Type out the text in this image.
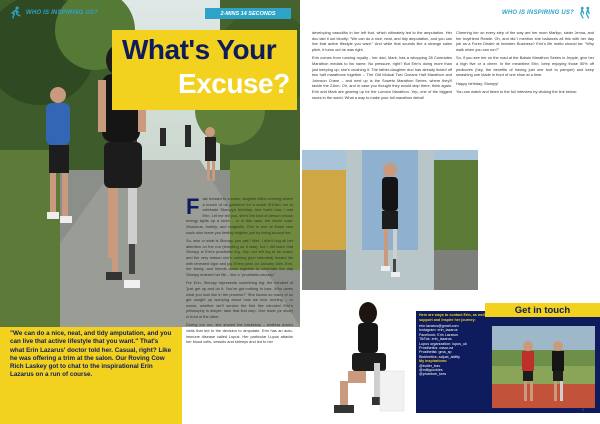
WHO IS INSPIRING US?	2-MINS 14 SECONDS
What's Your
Excuse?

Fast forward to a warm, laughter-filled morning where a bunch of us gathered for a social 5/10km run to celebrate Stompy's birthday. And that's how I met Erin. Let me tell you, she's the kind of person whose energy lights up a room – or in this case, the whole road. Vivacious, bubbly, and magnetic, Erin is one of those rare souls who leave you feeling brighter just by being around her.

So, who or what is Stompy, you ask? Well, I didn't hog all her attention on the run (tempting as it was), but I did learn that Stompy is Erin's prosthetic leg. Yep, her left leg to be exact, and the very reason she's running (pun intended) toward life with renewed vigor and joy. Every year, on January 16th, Erin, her family, and friends come together to celebrate the day Stompy entered her life – like a "prosthetic-versary."

For Erin, Stompy represents something big: the mindset of "just get up and do it. You've got nothing to lose. Who cares what you look like in the process?" She knows so many of us get caught up worrying about how we look running – or worse, whether we'll survive the first five minutes! Erin's philosophy is simple: take that first step. One trade (or shoe) in front of the other.

During our run, she shared the backstory – endless doctor visits that led to the decision to amputate. Erin has an auto-immune disease called Lupus. Her particular Lupus attacks her blood cells, vessels and kidneys and led to her

"We can do a nice, neat, and tidy amputation, and you can live that active lifestyle that you want." That's what Erin Lazarus' doctor told her. Casual, right? Like he was offering a trim at the salon. Our Roving Cow Rich Laskey got to chat to the inspirational Erin Lazarus on a run of course.
WHO IS INSPIRING US?

developing vasculitis in her left foot, which ultimately led to the amputation. Her doc laid it out bluntly: "We can do a nice, neat, and tidy amputation, and you can live that active lifestyle you want." And while that sounds like a strange sales pitch, it turns out he was right.

Erin comes from running royalty - her dad, Mark, has a whopping 28 Comrades Marathon medals to his name. No pressure, right? But Erin's doing more than just keeping up; she's crushing it. The father-daughter duo has already ticked off two half marathons together – The Old Mutual Two Oceans Half Marathon and Johnson Crane – and next up is the Soweto Marathon Series, where they'll tackle the 21km. Oh, and in case you thought they would stop there, think again. Erin and Mark are gearing up for the London Marathon. Yep, one of the biggest races in the world. What a way to make your full marathon debut!

Cheering her on every step of the way are her mom Marilyn, sister Jenna, and her boyfriend Reade. Oh, and did I mention she balances all this with her day job as a Forex Dealer at Investec Business? Erin's life motto should be: "Why walk when you can run?"

So, if you see her on the road at the Balwin Marathon Series in Jeppie, give her a high five or a cheer. In the meantime Erin, keep enjoying those 50% off pedicures (hey, the benefits of having just one foot to pamper) and keep smashing one blade in front of one shoe at a time.

Happy birthday, Stompy!

You can watch and listen to the full interview by clicking the link below:

Get in touch
Here are ways to contact Erin, as well as handles for those that both support and inspire her journey:
erin.lazarus@gmail.com
Instagram: erin_lazarus
Facebook: Erin Lazarus
TikTok: erin_lazarus
Lupus organization: lupus_uk
Prosthetics: ossur.za
Prosthetist: gma_sp
Biokinetics: adjust_ability
My inspirations:
@butler_trav
@millypockies
@phantom_toes
9
